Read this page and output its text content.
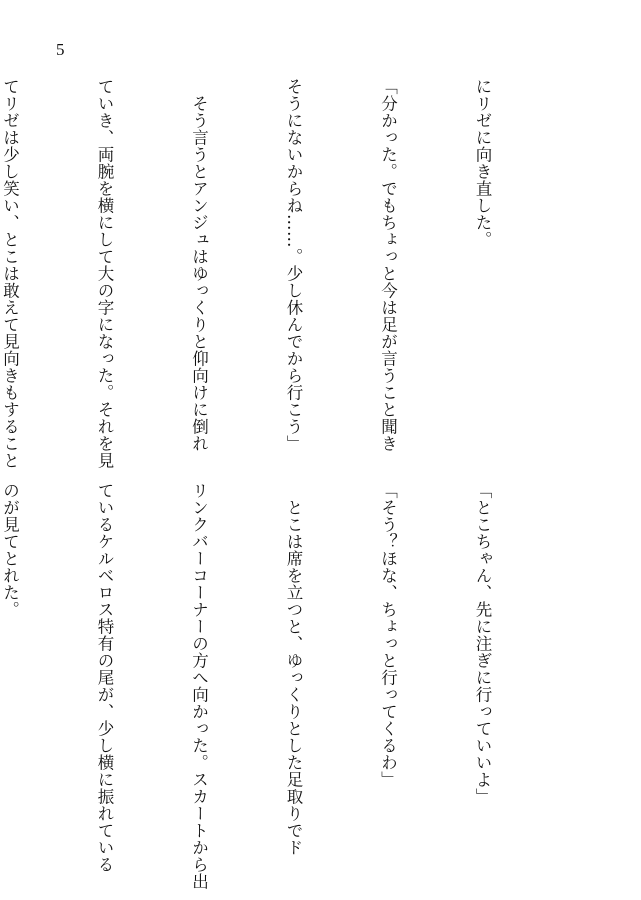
5

にリゼに向き直した。

「分かった。でもちょっと今は足が言うこと聞き

そうにないからね……。少し休んでから行こう」

　そう言うとアンジュはゆっくりと仰向けに倒れ

ていき、両腕を横にして大の字になった。それを見

てリゼは少し笑い、とこは敢えて見向きもすること

「とこちゃん、先に注ぎに行っていいよ」

「そう？ほな、ちょっと行ってくるわ」

　とこは席を立つと、ゆっくりとした足取りでド

リンクバーコーナーの方へ向かった。スカートから出

ているケルベロス特有の尾が、少し横に振れている

のが見てとれた。
